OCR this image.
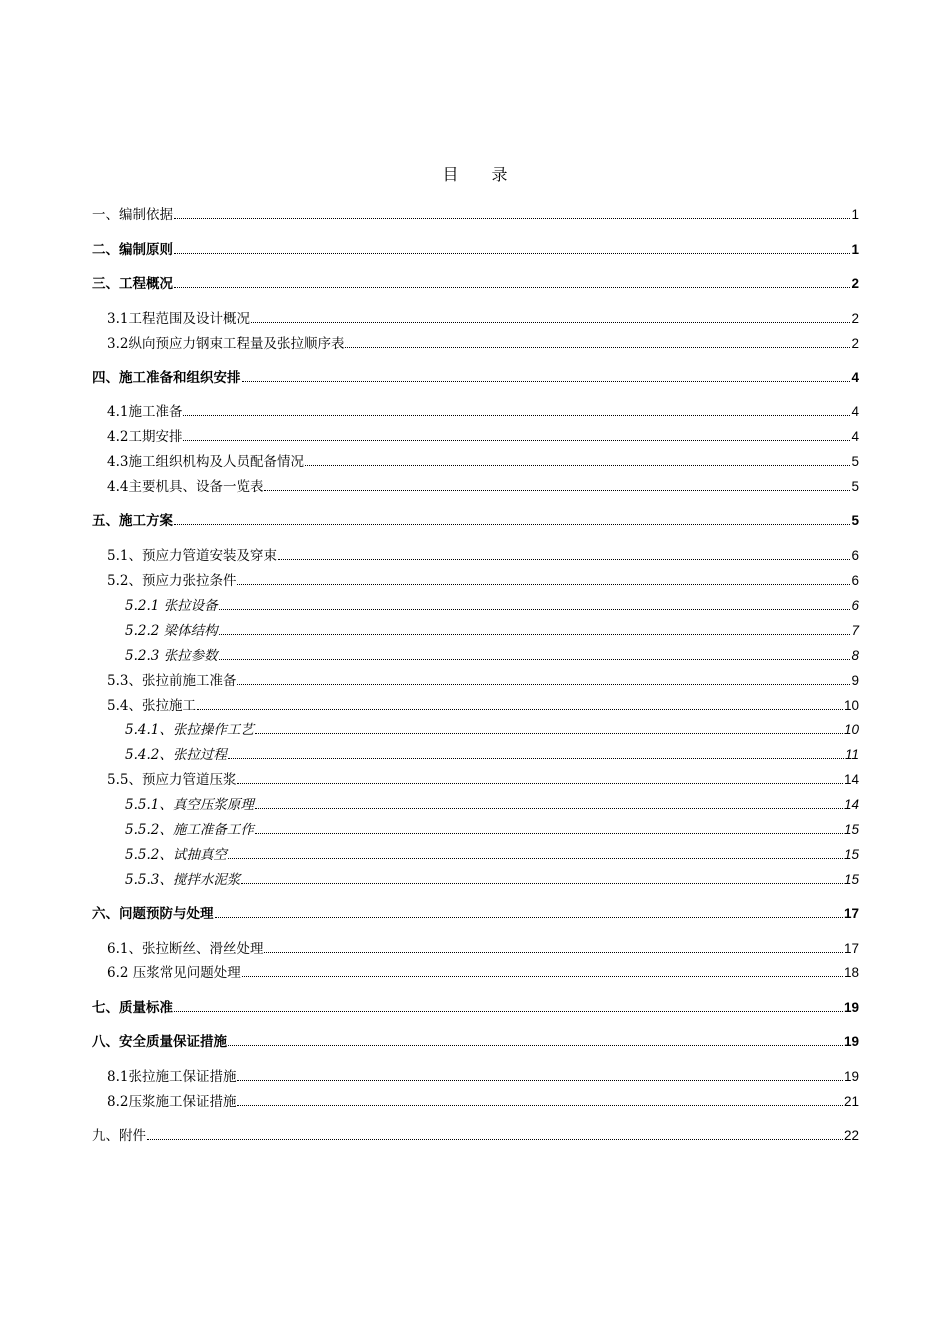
目 录
一、编制依据	1
二、编制原则	1
三、工程概况	2
3.1工程范围及设计概况	2
3.2纵向预应力钢束工程量及张拉顺序表	2
四、施工准备和组织安排	4
4.1施工准备	4
4.2工期安排	4
4.3施工组织机构及人员配备情况	5
4.4主要机具、设备一览表	5
五、施工方案	5
5.1、预应力管道安装及穿束	6
5.2、预应力张拉条件	6
5.2.1 张拉设备	6
5.2.2 梁体结构	7
5.2.3 张拉参数	8
5.3、张拉前施工准备	9
5.4、张拉施工	10
5.4.1、张拉操作工艺	10
5.4.2、张拉过程	11
5.5、预应力管道压浆	14
5.5.1、真空压浆原理	14
5.5.2、施工准备工作	15
5.5.2、试抽真空	15
5.5.3、搅拌水泥浆	15
六、问题预防与处理	17
6.1、张拉断丝、滑丝处理	17
6.2 压浆常见问题处理	18
七、质量标准	19
八、安全质量保证措施	19
8.1张拉施工保证措施	19
8.2压浆施工保证措施	21
九、附件	22
